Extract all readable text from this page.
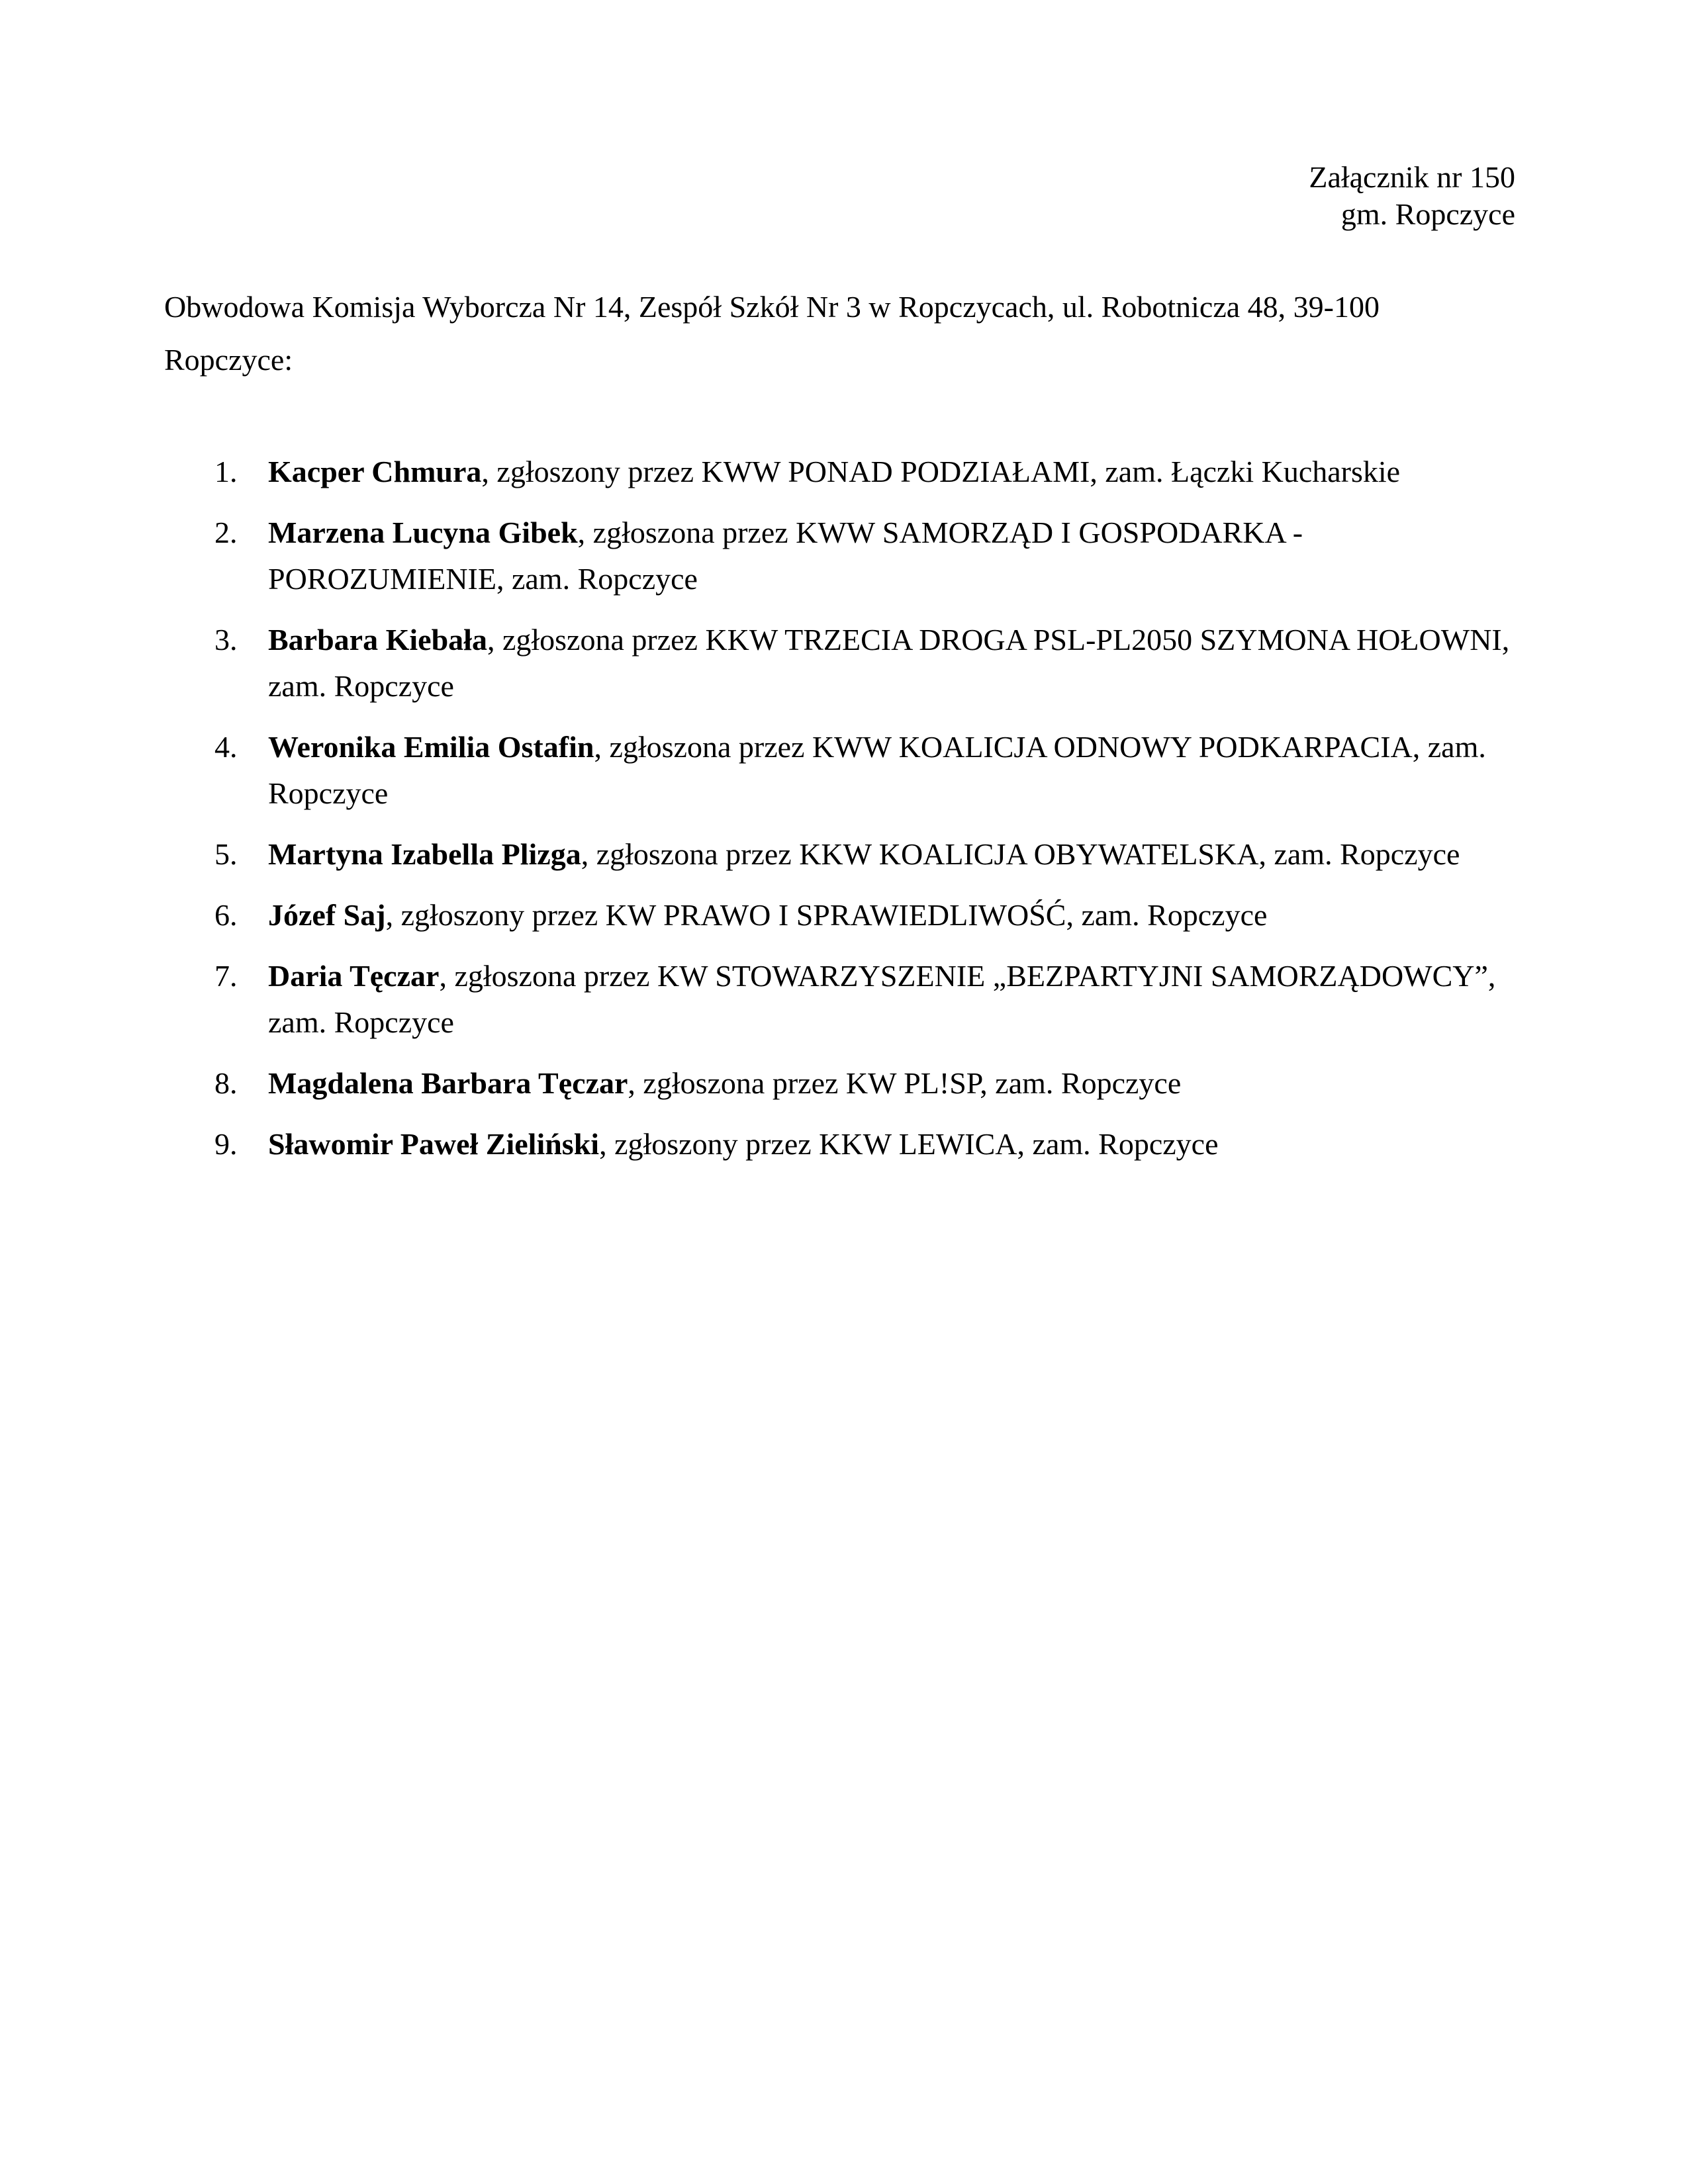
Załącznik nr 150
gm. Ropczyce
Obwodowa Komisja Wyborcza Nr 14, Zespół Szkół Nr 3 w Ropczycach, ul. Robotnicza 48, 39-100 Ropczyce:
1. Kacper Chmura, zgłoszony przez KWW PONAD PODZIAŁAMI, zam. Łączki Kucharskie
2. Marzena Lucyna Gibek, zgłoszona przez KWW SAMORZĄD I GOSPODARKA - POROZUMIENIE, zam. Ropczyce
3. Barbara Kiebała, zgłoszona przez KKW TRZECIA DROGA PSL-PL2050 SZYMONA HOŁOWNI, zam. Ropczyce
4. Weronika Emilia Ostafin, zgłoszona przez KWW KOALICJA ODNOWY PODKARPACIA, zam. Ropczyce
5. Martyna Izabella Plizga, zgłoszona przez KKW KOALICJA OBYWATELSKA, zam. Ropczyce
6. Józef Saj, zgłoszony przez KW PRAWO I SPRAWIEDLIWOŚĆ, zam. Ropczyce
7. Daria Tęczar, zgłoszona przez KW STOWARZYSZENIE „BEZPARTYJNI SAMORZĄDOWCY”, zam. Ropczyce
8. Magdalena Barbara Tęczar, zgłoszona przez KW PL!SP, zam. Ropczyce
9. Sławomir Paweł Zieliński, zgłoszony przez KKW LEWICA, zam. Ropczyce
